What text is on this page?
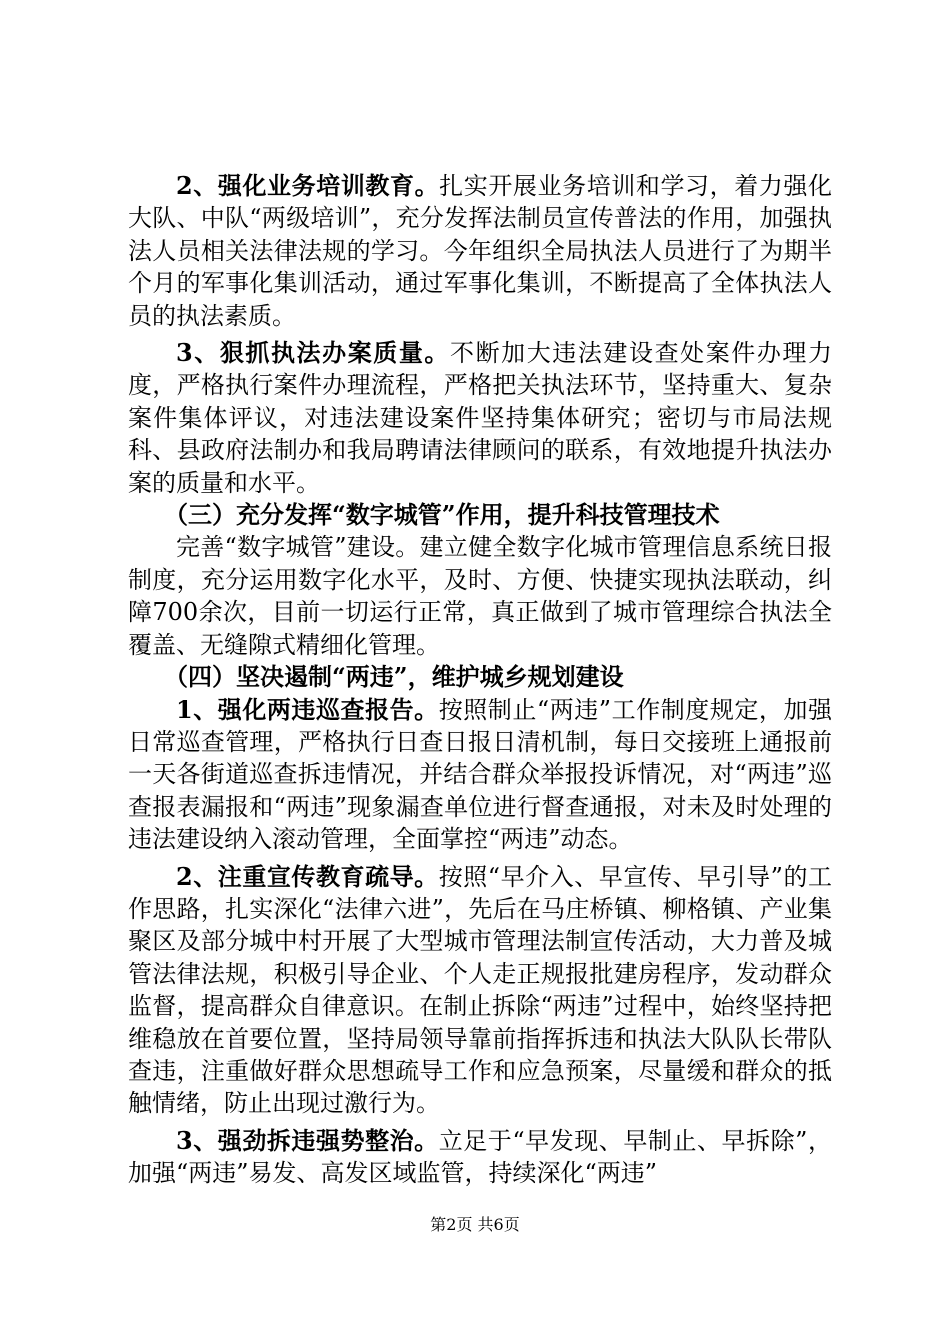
2、强化业务培训教育。扎实开展业务培训和学习，着力强化大队、中队“两级培训”，充分发挥法制员宣传普法的作用，加强执法人员相关法律法规的学习。今年组织全局执法人员进行了为期半个月的军事化集训活动，通过军事化集训，不断提高了全体执法人员的执法素质。

3、狠抓执法办案质量。不断加大违法建设查处案件办理力度，严格执行案件办理流程，严格把关执法环节，坚持重大、复杂案件集体评议，对违法建设案件坚持集体研究；密切与市局法规科、县政府法制办和我局聘请法律顾问的联系，有效地提升执法办案的质量和水平。

（三）充分发挥“数字城管”作用，提升科技管理技术

完善“数字城管”建设。建立健全数字化城市管理信息系统日报制度，充分运用数字化水平，及时、方便、快捷实现执法联动，纠障700余次，目前一切运行正常，真正做到了城市管理综合执法全覆盖、无缝隙式精细化管理。

（四）坚决遏制“两违”，维护城乡规划建设

1、强化两违巡查报告。按照制止“两违”工作制度规定，加强日常巡查管理，严格执行日查日报日清机制，每日交接班上通报前一天各街道巡查拆违情况，并结合群众举报投诉情况，对“两违”巡查报表漏报和“两违”现象漏查单位进行督查通报，对未及时处理的违法建设纳入滚动管理，全面掌控“两违”动态。

2、注重宣传教育疏导。按照“早介入、早宣传、早引导”的工作思路，扎实深化“法律六进”，先后在马庄桥镇、柳格镇、产业集聚区及部分城中村开展了大型城市管理法制宣传活动，大力普及城管法律法规，积极引导企业、个人走正规报批建房程序，发动群众监督，提高群众自律意识。在制止拆除“两违”过程中，始终坚持把维稳放在首要位置，坚持局领导靠前指挥拆违和执法大队队长带队查违，注重做好群众思想疏导工作和应急预案，尽量缓和群众的抵触情绪，防止出现过激行为。

3、强劲拆违强势整治。立足于“早发现、早制止、早拆除”，加强“两违”易发、高发区域监管，持续深化“两违”

第2页 共6页
